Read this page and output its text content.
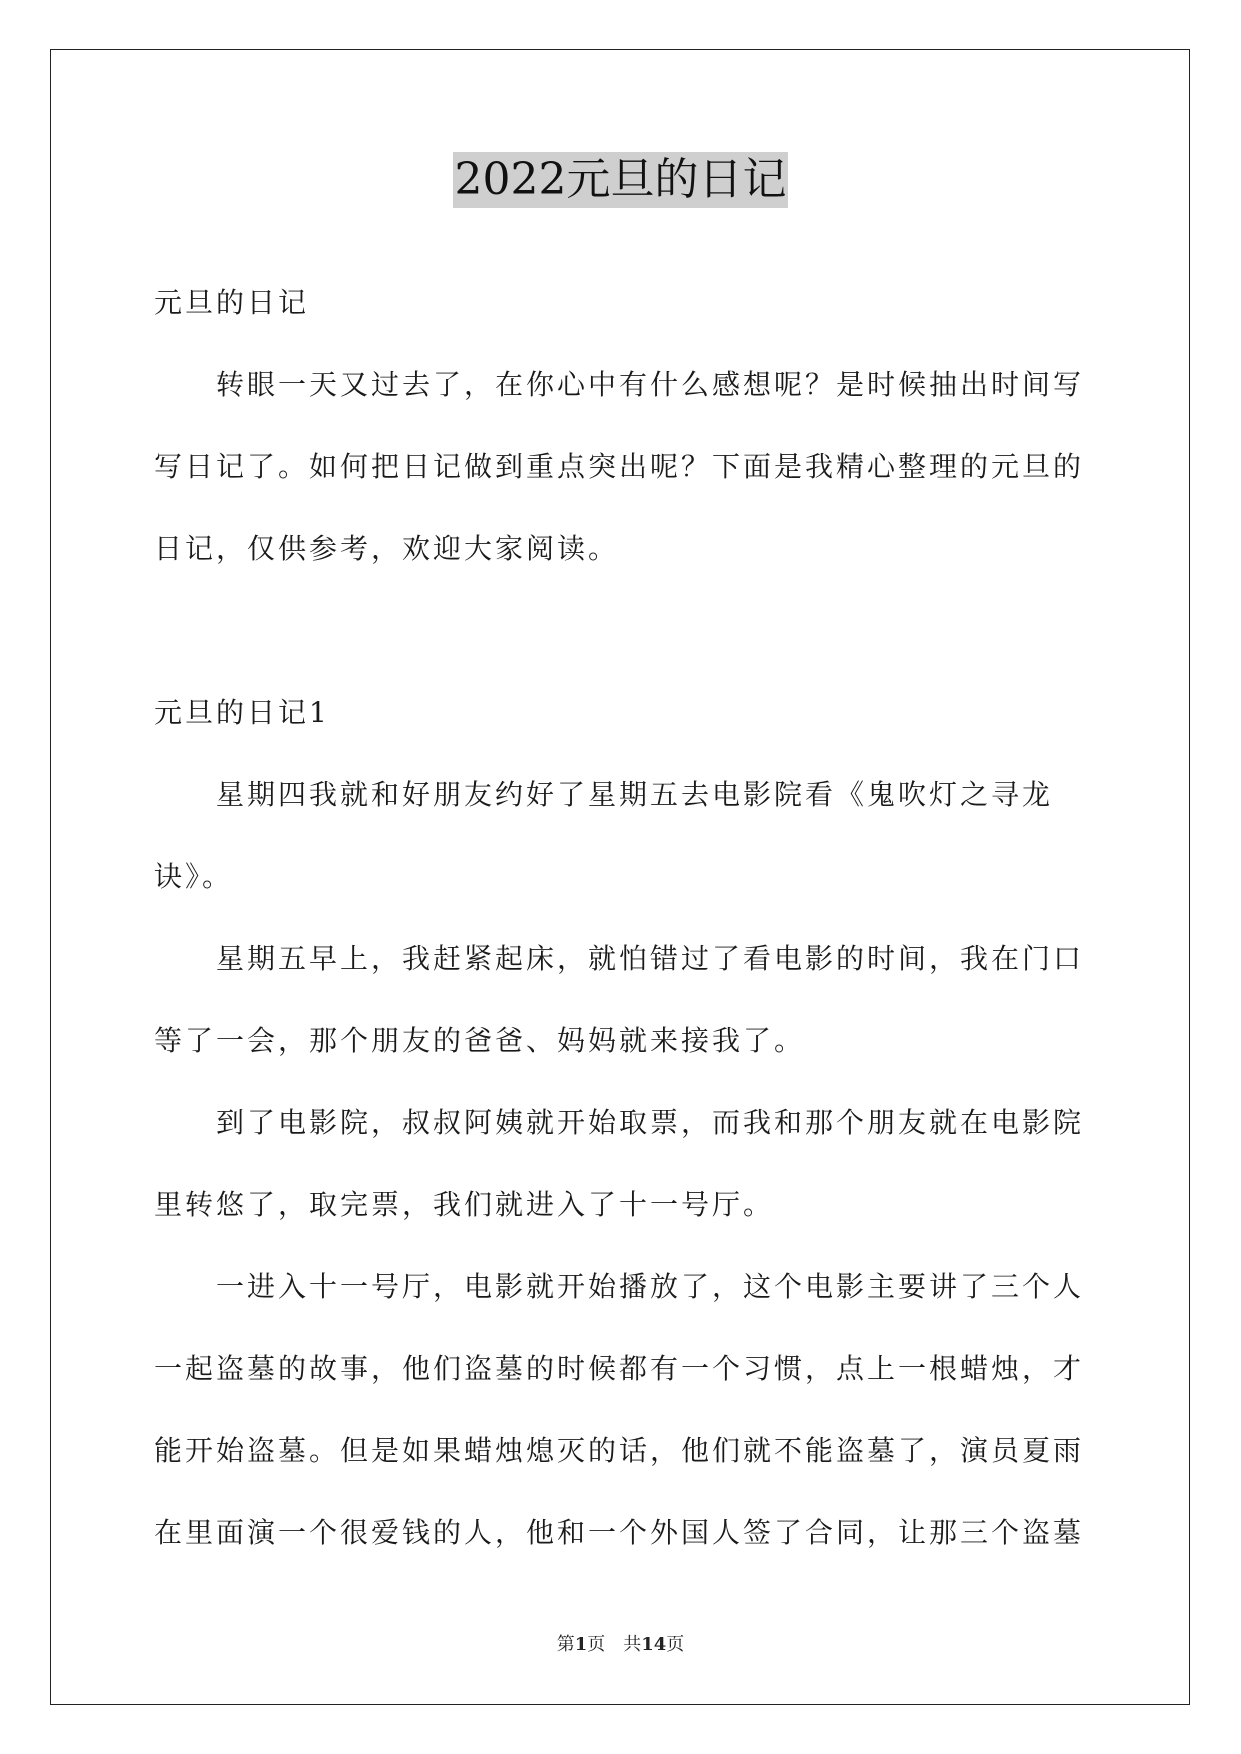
2022元旦的日记

元旦的日记

转眼一天又过去了，在你心中有什么感想呢？是时候抽出时间写写日记了。如何把日记做到重点突出呢？下面是我精心整理的元旦的日记，仅供参考，欢迎大家阅读。

元旦的日记1

星期四我就和好朋友约好了星期五去电影院看《鬼吹灯之寻龙诀》。

星期五早上，我赶紧起床，就怕错过了看电影的时间，我在门口等了一会，那个朋友的爸爸、妈妈就来接我了。

到了电影院，叔叔阿姨就开始取票，而我和那个朋友就在电影院里转悠了，取完票，我们就进入了十一号厅。

一进入十一号厅，电影就开始播放了，这个电影主要讲了三个人一起盗墓的故事，他们盗墓的时候都有一个习惯，点上一根蜡烛，才能开始盗墓。但是如果蜡烛熄灭的话，他们就不能盗墓了，演员夏雨在里面演一个很爱钱的人，他和一个外国人签了合同，让那三个盗墓

第1页 共14页
